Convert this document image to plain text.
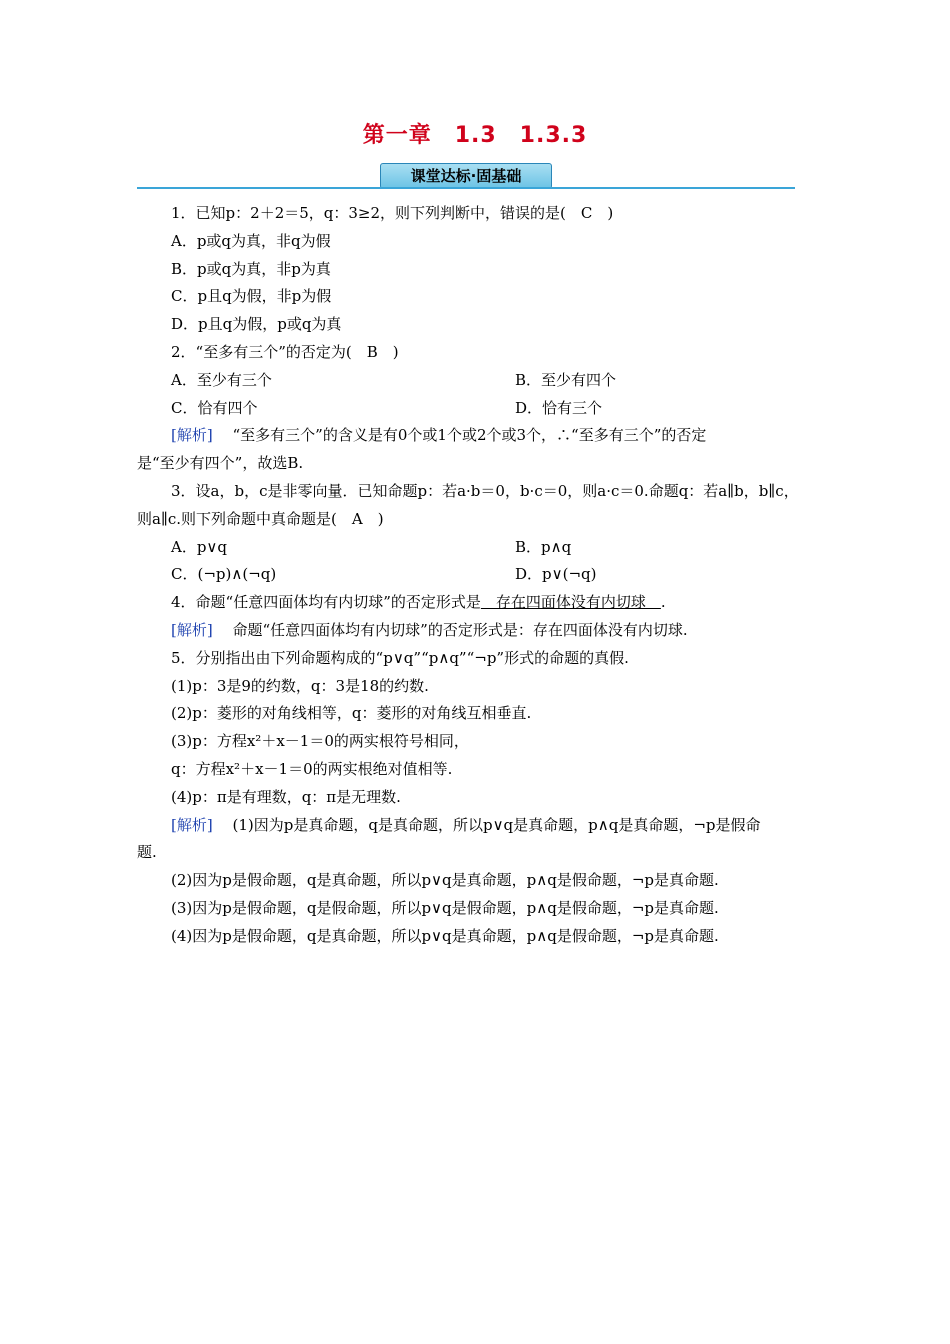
第一章　1.3　1.3.3
课堂达标·固基础
1．已知p：2＋2＝5，q：3≥2，则下列判断中，错误的是(　C　)
A．p或q为真，非q为假
B．p或q为真，非p为真
C．p且q为假，非p为假
D．p且q为假，p或q为真
2．“至多有三个”的否定为(　B　)
A．至少有三个	B．至少有四个
C．恰有四个	D．恰有三个
[解析] 　 “至多有三个”的含义是有0个或1个或2个或3个，∴“至多有三个”的否定
是“至少有四个”，故选B.
3．设a，b，c是非零向量．已知命题p：若a·b＝0，b·c＝0，则a·c＝0.命题q：若a∥b，b∥c，
则a∥c.则下列命题中真命题是(　A　)
A．p∨q	B．p∧q
C．(¬p)∧(¬q)	D．p∨(¬q)
4．命题“任意四面体均有内切球”的否定形式是　存在四面体没有内切球　.
[解析] 　 命题“任意四面体均有内切球”的否定形式是：存在四面体没有内切球.
5．分别指出由下列命题构成的“p∨q”“p∧q”“¬p”形式的命题的真假.
(1)p：3是9的约数，q：3是18的约数.
(2)p：菱形的对角线相等，q：菱形的对角线互相垂直.
(3)p：方程x²＋x－1＝0的两实根符号相同，
q：方程x²＋x－1＝0的两实根绝对值相等.
(4)p：π是有理数，q：π是无理数.
[解析] 　 (1)因为p是真命题，q是真命题，所以p∨q是真命题，p∧q是真命题，¬p是假命
题.
(2)因为p是假命题，q是真命题，所以p∨q是真命题，p∧q是假命题，¬p是真命题.
(3)因为p是假命题，q是假命题，所以p∨q是假命题，p∧q是假命题，¬p是真命题.
(4)因为p是假命题，q是真命题，所以p∨q是真命题，p∧q是假命题，¬p是真命题.
